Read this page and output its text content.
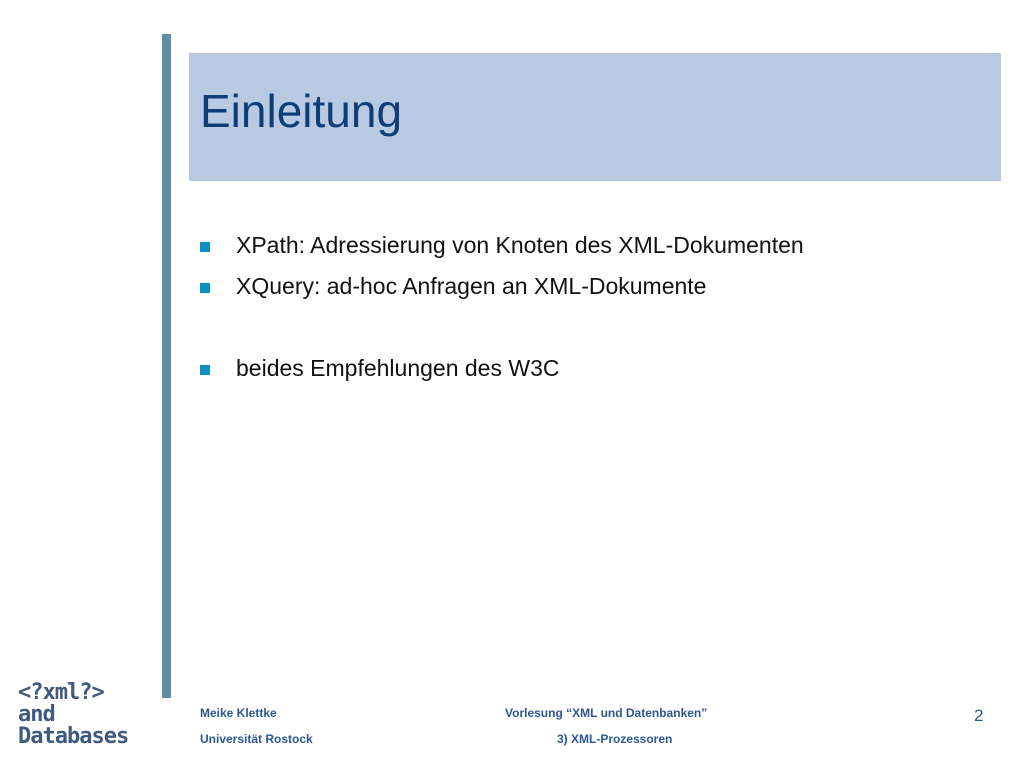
Einleitung
XPath: Adressierung von Knoten des XML-Dokumenten
XQuery: ad-hoc Anfragen an XML-Dokumente
beides Empfehlungen des W3C
<?xml?>
and
Databases
Meike Klettke
Universität Rostock
Vorlesung “XML und Datenbanken”
3) XML-Prozessoren
2
